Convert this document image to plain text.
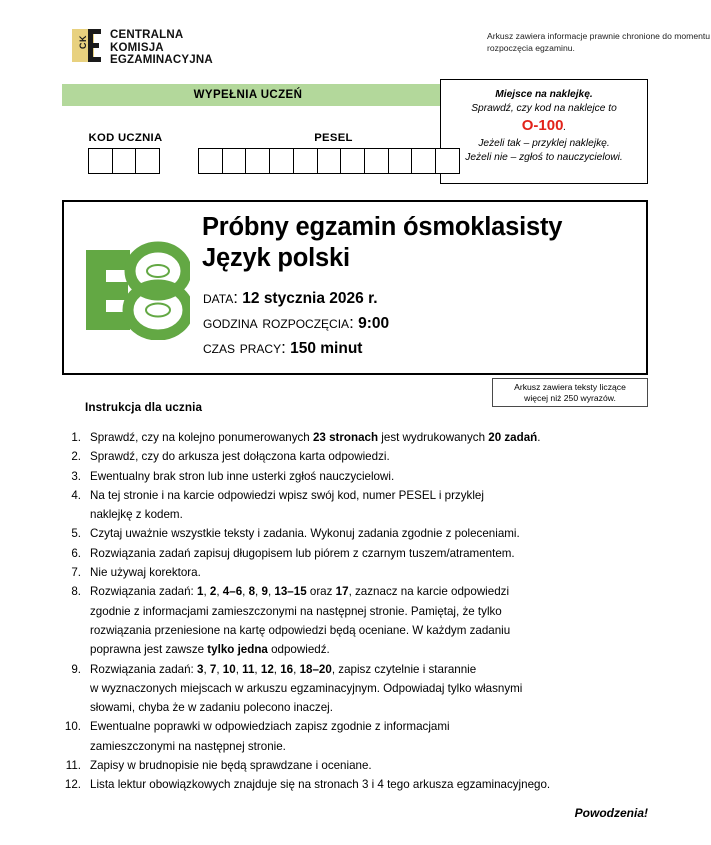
CK CENTRALNA
KOMISJA
EGZAMINACYJNA
Arkusz zawiera informacje prawnie chronione do momentu rozpoczęcia egzaminu.
WYPEŁNIA UCZEŃ	Miejsce na naklejkę.
Sprawdź, czy kod na naklejce to
O-100.
Jeżeli tak – przyklej naklejkę.
Jeżeli nie – zgłoś to nauczycielowi.
KOD UCZNIA	PESEL
Próbny egzamin ósmoklasisty
Język polski
data: 12 stycznia 2026 r.
godzina rozpoczęcia: 9:00
czas pracy: 150 minut
Arkusz zawiera teksty liczące
więcej niż 250 wyrazów.
Instrukcja dla ucznia
1. Sprawdź, czy na kolejno ponumerowanych 23 stronach jest wydrukowanych 20 zadań.
2. Sprawdź, czy do arkusza jest dołączona karta odpowiedzi.
3. Ewentualny brak stron lub inne usterki zgłoś nauczycielowi.
4. Na tej stronie i na karcie odpowiedzi wpisz swój kod, numer PESEL i przyklej
naklejkę z kodem.
5. Czytaj uważnie wszystkie teksty i zadania. Wykonuj zadania zgodnie z poleceniami.
6. Rozwiązania zadań zapisuj długopisem lub piórem z czarnym tuszem/atramentem.
7. Nie używaj korektora.
8. Rozwiązania zadań: 1, 2, 4–6, 8, 9, 13–15 oraz 17, zaznacz na karcie odpowiedzi
zgodnie z informacjami zamieszczonymi na następnej stronie. Pamiętaj, że tylko
rozwiązania przeniesione na kartę odpowiedzi będą oceniane. W każdym zadaniu
poprawna jest zawsze tylko jedna odpowiedź.
9. Rozwiązania zadań: 3, 7, 10, 11, 12, 16, 18–20, zapisz czytelnie i starannie
w wyznaczonych miejscach w arkuszu egzaminacyjnym. Odpowiadaj tylko własnymi
słowami, chyba że w zadaniu polecono inaczej.
10. Ewentualne poprawki w odpowiedziach zapisz zgodnie z informacjami
zamieszczonymi na następnej stronie.
11. Zapisy w brudnopisie nie będą sprawdzane i oceniane.
12. Lista lektur obowiązkowych znajduje się na stronach 3 i 4 tego arkusza egzaminacyjnego.
Powodzenia!
